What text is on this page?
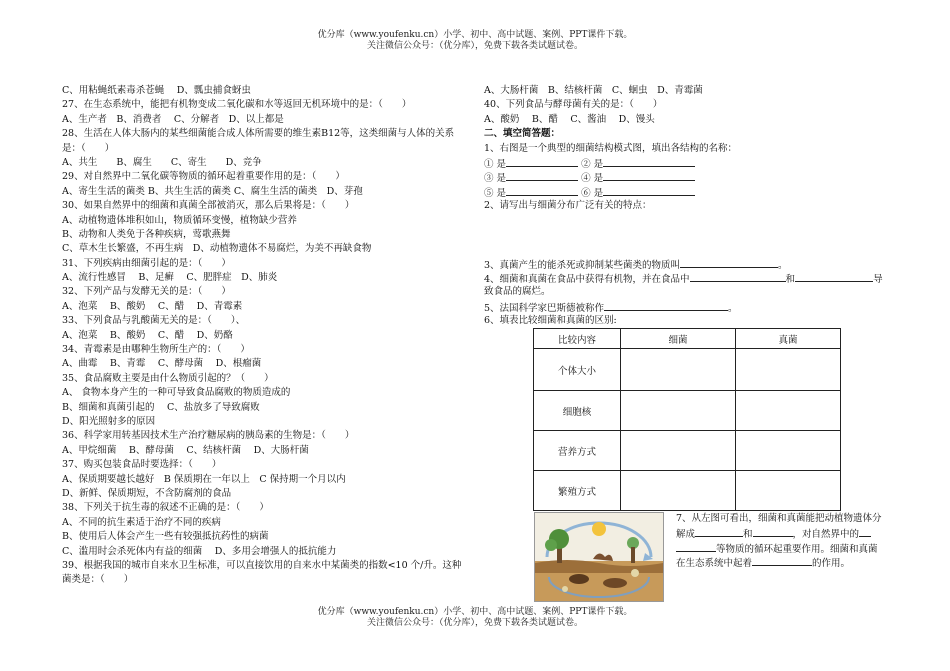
优分库（www.youfenku.cn）小学、初中、高中试题、案例、PPT课件下载。
关注微信公众号：（优分库），免费下载各类试题试卷。
C、用粘蝇纸素毒杀苍蝇　 D、瓢虫捕食蚜虫
27、在生态系统中，能把有机物变成二氧化碳和水等返回无机环境中的是：（　　）
A、生产者　B、消费者　 C、分解者　D、以上都是
28、生活在人体大肠内的某些细菌能合成人体所需要的维生素B12等，这类细菌与人体的关系
是：（　　）
A、共生　　B、腐生　　C、寄生　　D、竞争
29、对自然界中二氧化碳等物质的循环起着重要作用的是：（　　）
A、寄生生活的菌类 B、共生生活的菌类 C、腐生生活的菌类　D、芽孢
30、如果自然界中的细菌和真菌全部被消灭，那么后果将是：（　　）
A、动植物遗体堆积如山，物质循环变慢，植物缺少营养
B、动物和人类免于各种疾病，莺歌燕舞
C、草木生长繁盛，不再生病　D、动植物遗体不易腐烂，为美不再缺食物
31、下列疾病由细菌引起的是：（　　）
A、流行性感冒　 B、足癣　 C、肥胖症　D、肺炎
32、下列产品与发酵无关的是：（　　）
A、泡菜　 B、酸奶　 C、醋　 D、青霉素
33、下列食品与乳酸菌无关的是：（　　）、
A、泡菜　 B、酸奶　 C、醋　 D、奶酪
34、青霉素是由哪种生物所生产的：（　　）
A、曲霉　 B、青霉　 C、酵母菌　 D、根瘤菌
35、食品腐败主要是由什么物质引起的？（　　）
A、 食物本身产生的一种可导致食品腐败的物质造成的
B、细菌和真菌引起的　 C、盐放多了导致腐败
D、阳光照射多的原因
36、科学家用转基因技术生产治疗糖尿病的胰岛素的生物是：（　　）
A、甲烷细菌　 B、酵母菌　 C、结核杆菌　 D、大肠杆菌
37、购买包装食品时要选择：（　　）
A、保质期要越长越好　B 保质期在一年以上　C 保持期一个月以内
D、新鲜、保质期短，不含防腐剂的食品
38、下列关于抗生毒的叙述不正确的是：（　　）
A、不同的抗生素适于治疗不同的疾病
B、使用后人体会产生一些有较强抵抗药性的病菌
C、滥用时会杀死体内有益的细菌　 D、多用会增强人的抵抗能力
39、根据我国的城市自来水卫生标准，可以直接饮用的自来水中某菌类的指数<10 个/升。这种
菌类是：（　　）
A、大肠杆菌　B、结核杆菌　C、蛔虫　D、青霉菌
40、下列食品与酵母菌有关的是：（　　）
A、酸奶　 B、醋　 C、酱油　 D、馒头
二、填空简答题：
1、右图是一个典型的细菌结构模式图，填出各结构的名称：
① 是	② 是
③ 是	④ 是
⑤ 是	⑥ 是
2、请写出与细菌分布广泛有关的特点：
3、真菌产生的能杀死或抑制某些菌类的物质叫	。
4、细菌和真菌在食品中获得有机物，并在食品中	和	导
致食品的腐烂。
5、法国科学家巴斯德被称作	。
6、填表比较细菌和真菌的区别:
比较内容	细菌	真菌
个体大小		
细胞核		
营养方式		
繁殖方式		
7、从左图可看出，细菌和真菌能把动植物遗体分
解成	和	，对自然界中的
等物质的循环起重要作用。细菌和真菌
在生态系统中起着	的作用。
优分库（www.youfenku.cn）小学、初中、高中试题、案例、PPT课件下载。
关注微信公众号：（优分库），免费下载各类试题试卷。
